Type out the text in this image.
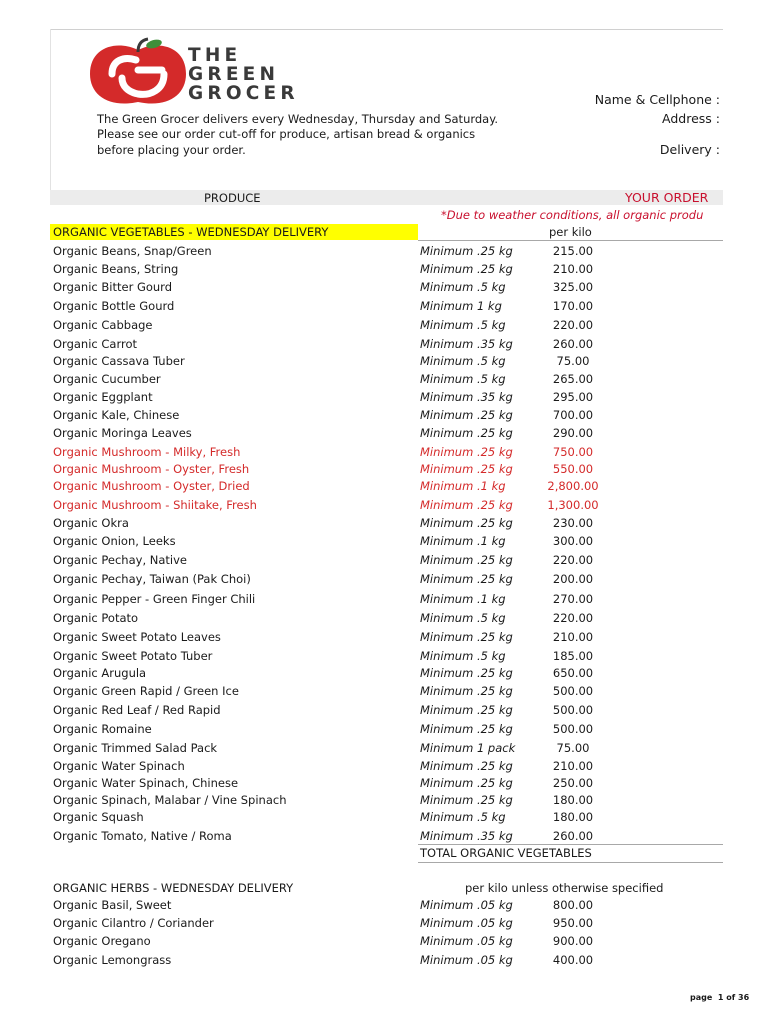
THE
GREEN
GROCER
The Green Grocer delivers every Wednesday, Thursday and Saturday.
Please see our order cut-off for produce, artisan bread & organics
before placing your order.
Name & Cellphone :
Address :
Delivery :
PRODUCE	YOUR ORDER
*Due to weather conditions, all organic produ
ORGANIC VEGETABLES - WEDNESDAY DELIVERY	per kilo
Organic Beans, Snap/Green	Minimum .25 kg	215.00
Organic Beans, String	Minimum .25 kg	210.00
Organic Bitter Gourd	Minimum .5 kg	325.00
Organic Bottle Gourd	Minimum 1 kg	170.00
Organic Cabbage	Minimum .5 kg	220.00
Organic Carrot	Minimum .35 kg	260.00
Organic Cassava Tuber	Minimum .5 kg	75.00
Organic Cucumber	Minimum .5 kg	265.00
Organic Eggplant	Minimum .35 kg	295.00
Organic Kale, Chinese	Minimum .25 kg	700.00
Organic Moringa Leaves	Minimum .25 kg	290.00
Organic Mushroom - Milky, Fresh	Minimum .25 kg	750.00
Organic Mushroom - Oyster, Fresh	Minimum .25 kg	550.00
Organic Mushroom - Oyster, Dried	Minimum .1 kg	2,800.00
Organic Mushroom - Shiitake, Fresh	Minimum .25 kg	1,300.00
Organic Okra	Minimum .25 kg	230.00
Organic Onion, Leeks	Minimum .1 kg	300.00
Organic Pechay, Native	Minimum .25 kg	220.00
Organic Pechay, Taiwan (Pak Choi)	Minimum .25 kg	200.00
Organic Pepper - Green Finger Chili	Minimum .1 kg	270.00
Organic Potato	Minimum .5 kg	220.00
Organic Sweet Potato Leaves	Minimum .25 kg	210.00
Organic Sweet Potato Tuber	Minimum .5 kg	185.00
Organic Arugula	Minimum .25 kg	650.00
Organic Green Rapid / Green Ice	Minimum .25 kg	500.00
Organic Red Leaf / Red Rapid	Minimum .25 kg	500.00
Organic Romaine	Minimum .25 kg	500.00
Organic Trimmed Salad Pack	Minimum 1 pack	75.00
Organic Water Spinach	Minimum .25 kg	210.00
Organic Water Spinach, Chinese	Minimum .25 kg	250.00
Organic Spinach, Malabar / Vine Spinach	Minimum .25 kg	180.00
Organic Squash	Minimum .5 kg	180.00
Organic Tomato, Native / Roma	Minimum .35 kg	260.00
TOTAL ORGANIC VEGETABLES
ORGANIC HERBS - WEDNESDAY DELIVERY	per kilo unless otherwise specified
Organic Basil, Sweet	Minimum .05 kg	800.00
Organic Cilantro / Coriander	Minimum .05 kg	950.00
Organic Oregano	Minimum .05 kg	900.00
Organic Lemongrass	Minimum .05 kg	400.00
page 1 of 36
